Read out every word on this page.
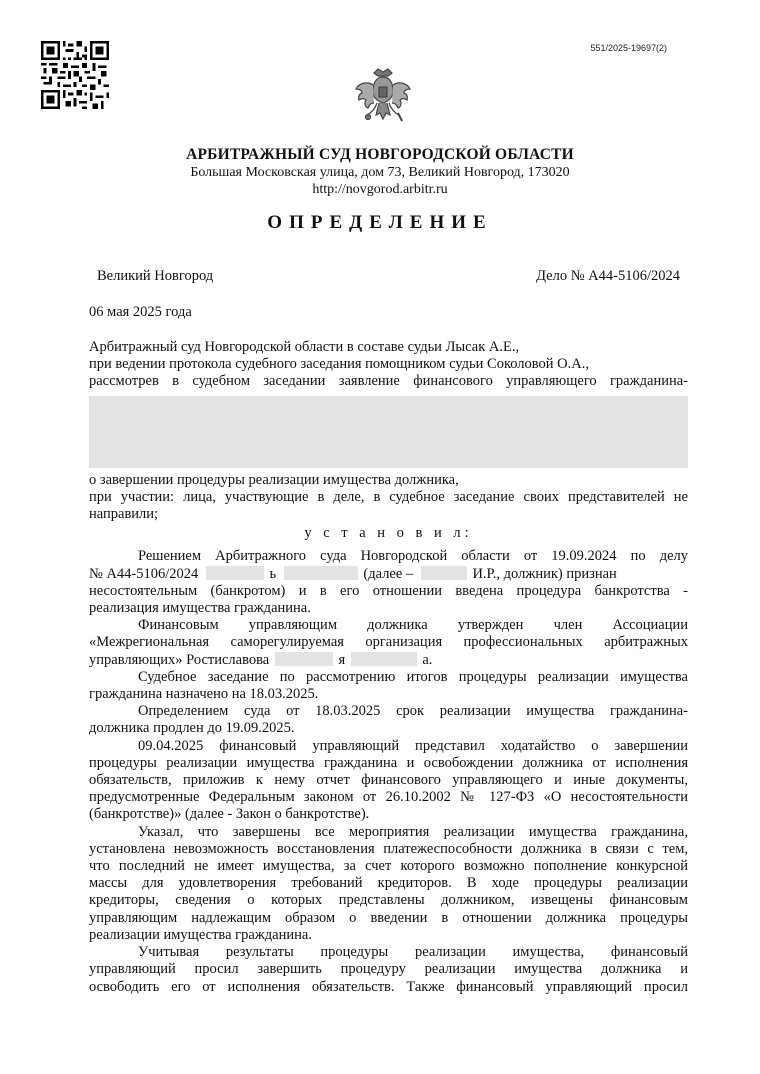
551/2025-19697(2)
АРБИТРАЖНЫЙ СУД НОВГОРОДСКОЙ ОБЛАСТИ
Большая Московская улица, дом 73, Великий Новгород, 173020
http://novgorod.arbitr.ru
ОПРЕДЕЛЕНИЕ
Великий Новгород	Дело № А44-5106/2024
06 мая 2025 года

Арбитражный суд Новгородской области в составе судьи Лысак А.Е.,

при ведении протокола судебного заседания помощником судьи Соколовой О.А.,

рассмотрев в судебном заседании заявление финансового управляющего гражданина-

о завершении процедуры реализации имущества должника,

при участии: лица, участвующие в деле, в судебное заседание своих представителей не

направили;

у с т а н о в и л:

Решением Арбитражного суда Новгородской области от 19.09.2024 по делу

№ А44-5106/2024	ь	(далее –	И.Р., должник) признан

несостоятельным (банкротом) и в его отношении введена процедура банкротства -

реализация имущества гражданина.

Финансовым управляющим должника утвержден член Ассоциации

«Межрегиональная саморегулируемая организация профессиональных арбитражных

управляющих» Ростиславова	я	а.

Судебное заседание по рассмотрению итогов процедуры реализации имущества

гражданина назначено на 18.03.2025.

Определением суда от 18.03.2025 срок реализации имущества гражданина-

должника продлен до 19.09.2025.

09.04.2025 финансовый управляющий представил ходатайство о завершении

процедуры реализации имущества гражданина и освобождении должника от исполнения

обязательств, приложив к нему отчет финансового управляющего и иные документы,

предусмотренные Федеральным законом от 26.10.2002 № 127-ФЗ «О несостоятельности

(банкротстве)» (далее - Закон о банкротстве).

Указал, что завершены все мероприятия реализации имущества гражданина,

установлена невозможность восстановления платежеспособности должника в связи с тем,

что последний не имеет имущества, за счет которого возможно пополнение конкурсной

массы для удовлетворения требований кредиторов. В ходе процедуры реализации

кредиторы, сведения о которых представлены должником, извещены финансовым

управляющим надлежащим образом о введении в отношении должника процедуры

реализации имущества гражданина.

Учитывая результаты процедуры реализации имущества, финансовый

управляющий просил завершить процедуру реализации имущества должника и

освободить его от исполнения обязательств. Также финансовый управляющий просил
